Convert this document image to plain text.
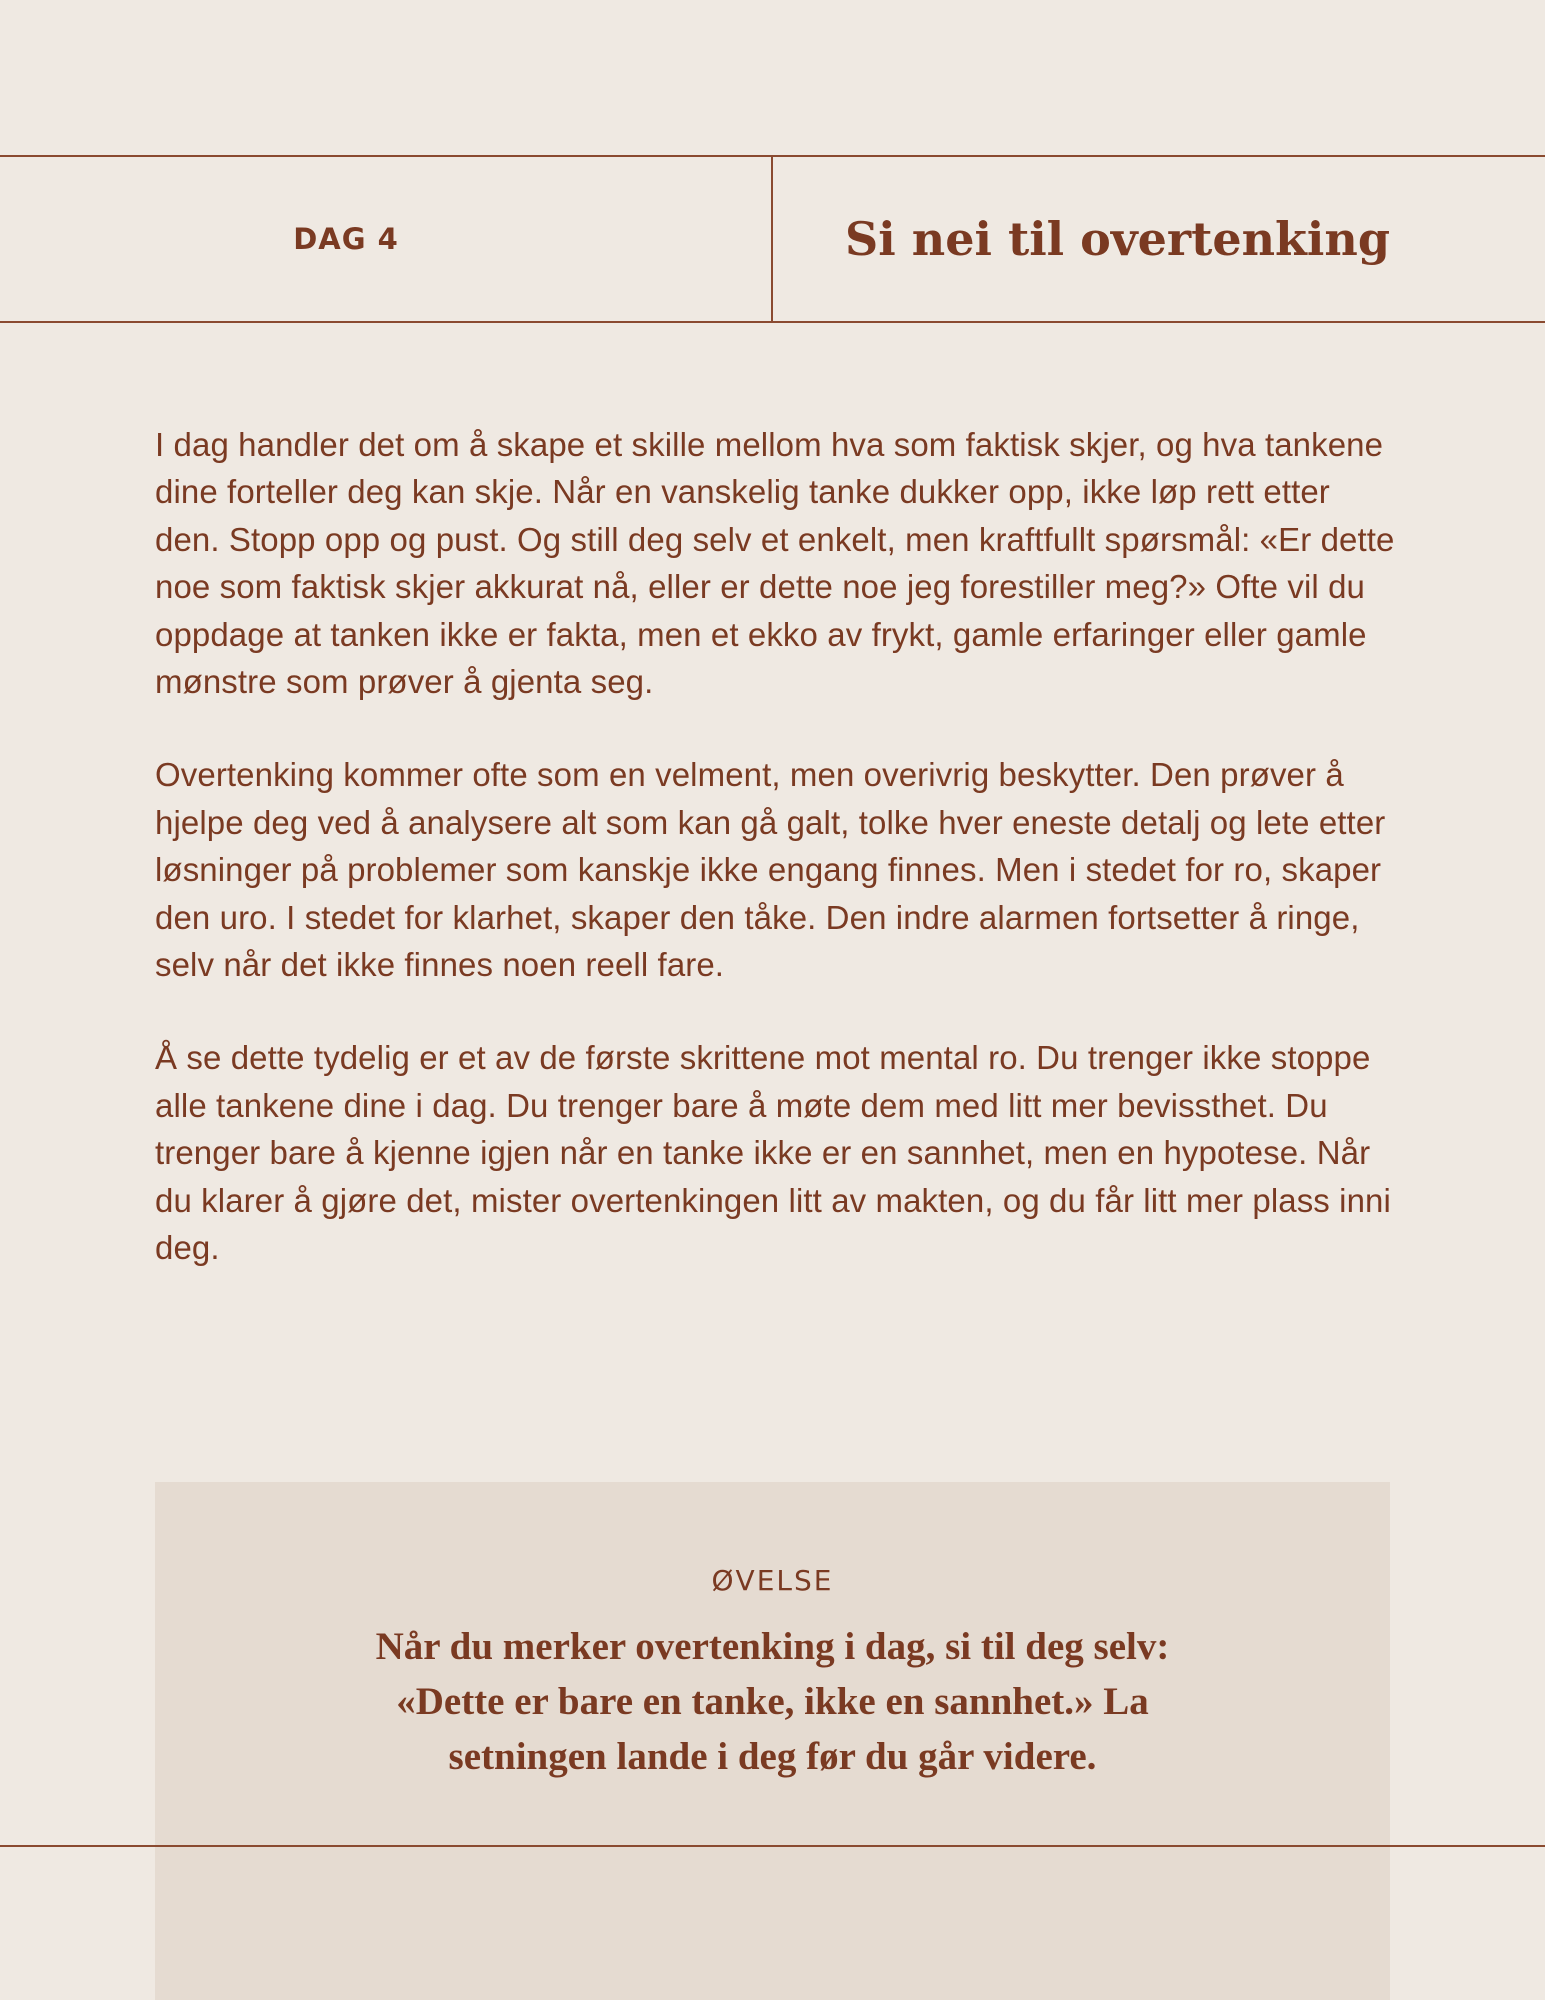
DAG 4	Si nei til overtenking

I dag handler det om å skape et skille mellom hva som faktisk skjer, og hva tankene dine forteller deg kan skje. Når en vanskelig tanke dukker opp, ikke løp rett etter den. Stopp opp og pust. Og still deg selv et enkelt, men kraftfullt spørsmål: «Er dette noe som faktisk skjer akkurat nå, eller er dette noe jeg forestiller meg?» Ofte vil du oppdage at tanken ikke er fakta, men et ekko av frykt, gamle erfaringer eller gamle mønstre som prøver å gjenta seg.

Overtenking kommer ofte som en velment, men overivrig beskytter. Den prøver å hjelpe deg ved å analysere alt som kan gå galt, tolke hver eneste detalj og lete etter løsninger på problemer som kanskje ikke engang finnes. Men i stedet for ro, skaper den uro. I stedet for klarhet, skaper den tåke. Den indre alarmen fortsetter å ringe, selv når det ikke finnes noen reell fare.

Å se dette tydelig er et av de første skrittene mot mental ro. Du trenger ikke stoppe alle tankene dine i dag. Du trenger bare å møte dem med litt mer bevissthet. Du trenger bare å kjenne igjen når en tanke ikke er en sannhet, men en hypotese. Når du klarer å gjøre det, mister overtenkingen litt av makten, og du får litt mer plass inni deg.

ØVELSE
Når du merker overtenking i dag, si til deg selv: «Dette er bare en tanke, ikke en sannhet.» La setningen lande i deg før du går videre.
